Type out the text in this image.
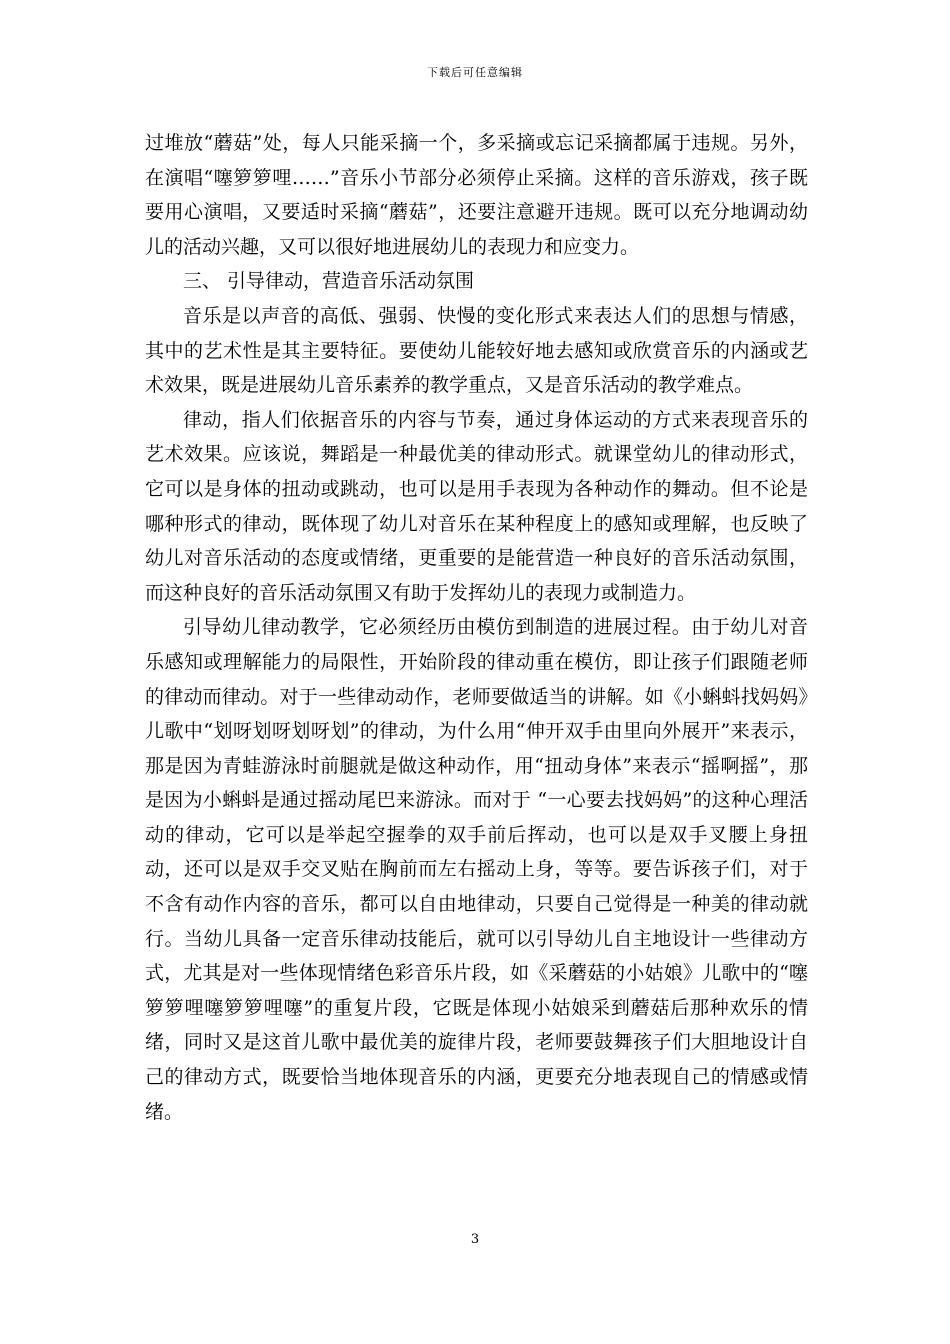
下载后可任意编辑

过堆放“蘑菇”处，每人只能采摘一个，多采摘或忘记采摘都属于违规。另外，在演唱“噻箩箩哩……”音乐小节部分必须停止采摘。这样的音乐游戏，孩子既要用心演唱，又要适时采摘“蘑菇”，还要注意避开违规。既可以充分地调动幼儿的活动兴趣，又可以很好地进展幼儿的表现力和应变力。

三、 引导律动，营造音乐活动氛围

音乐是以声音的高低、强弱、快慢的变化形式来表达人们的思想与情感，其中的艺术性是其主要特征。要使幼儿能较好地去感知或欣赏音乐的内涵或艺术效果，既是进展幼儿音乐素养的教学重点，又是音乐活动的教学难点。

律动，指人们依据音乐的内容与节奏，通过身体运动的方式来表现音乐的艺术效果。应该说，舞蹈是一种最优美的律动形式。就课堂幼儿的律动形式，它可以是身体的扭动或跳动，也可以是用手表现为各种动作的舞动。但不论是哪种形式的律动，既体现了幼儿对音乐在某种程度上的感知或理解，也反映了幼儿对音乐活动的态度或情绪，更重要的是能营造一种良好的音乐活动氛围，而这种良好的音乐活动氛围又有助于发挥幼儿的表现力或制造力。

引导幼儿律动教学，它必须经历由模仿到制造的进展过程。由于幼儿对音乐感知或理解能力的局限性，开始阶段的律动重在模仿，即让孩子们跟随老师的律动而律动。对于一些律动动作，老师要做适当的讲解。如《小蝌蚪找妈妈》儿歌中“划呀划呀划呀划”的律动，为什么用“伸开双手由里向外展开”来表示，那是因为青蛙游泳时前腿就是做这种动作，用“扭动身体”来表示“摇啊摇”，那是因为小蝌蚪是通过摇动尾巴来游泳。而对于 “一心要去找妈妈”的这种心理活动的律动，它可以是举起空握拳的双手前后挥动，也可以是双手叉腰上身扭动，还可以是双手交叉贴在胸前而左右摇动上身，等等。要告诉孩子们，对于不含有动作内容的音乐，都可以自由地律动，只要自己觉得是一种美的律动就行。当幼儿具备一定音乐律动技能后，就可以引导幼儿自主地设计一些律动方式，尤其是对一些体现情绪色彩音乐片段，如《采蘑菇的小姑娘》儿歌中的“噻箩箩哩噻箩箩哩噻”的重复片段，它既是体现小姑娘采到蘑菇后那种欢乐的情绪，同时又是这首儿歌中最优美的旋律片段，老师要鼓舞孩子们大胆地设计自己的律动方式，既要恰当地体现音乐的内涵，更要充分地表现自己的情感或情绪。

3
